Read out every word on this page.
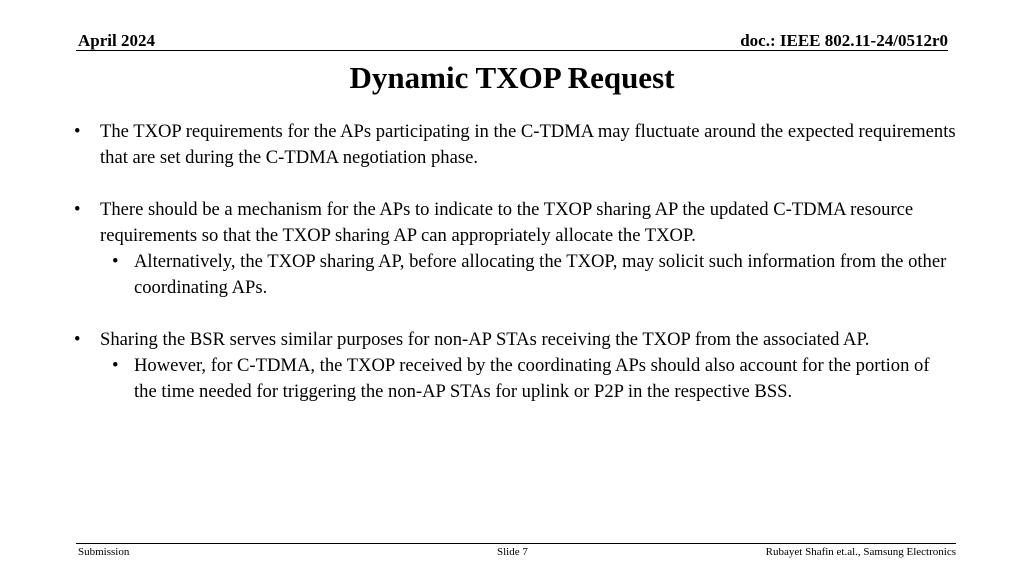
April 2024	doc.: IEEE 802.11-24/0512r0
Dynamic TXOP Request
• The TXOP requirements for the APs participating in the C-TDMA may fluctuate around the expected requirements that are set during the C-TDMA negotiation phase.
• There should be a mechanism for the APs to indicate to the TXOP sharing AP the updated C-TDMA resource requirements so that the TXOP sharing AP can appropriately allocate the TXOP.
• Alternatively, the TXOP sharing AP, before allocating the TXOP, may solicit such information from the other coordinating APs.
• Sharing the BSR serves similar purposes for non-AP STAs receiving the TXOP from the associated AP.
• However, for C-TDMA, the TXOP received by the coordinating APs should also account for the portion of the time needed for triggering the non-AP STAs for uplink or P2P in the respective BSS.
Submission	Slide 7	Rubayet Shafin et.al., Samsung Electronics
